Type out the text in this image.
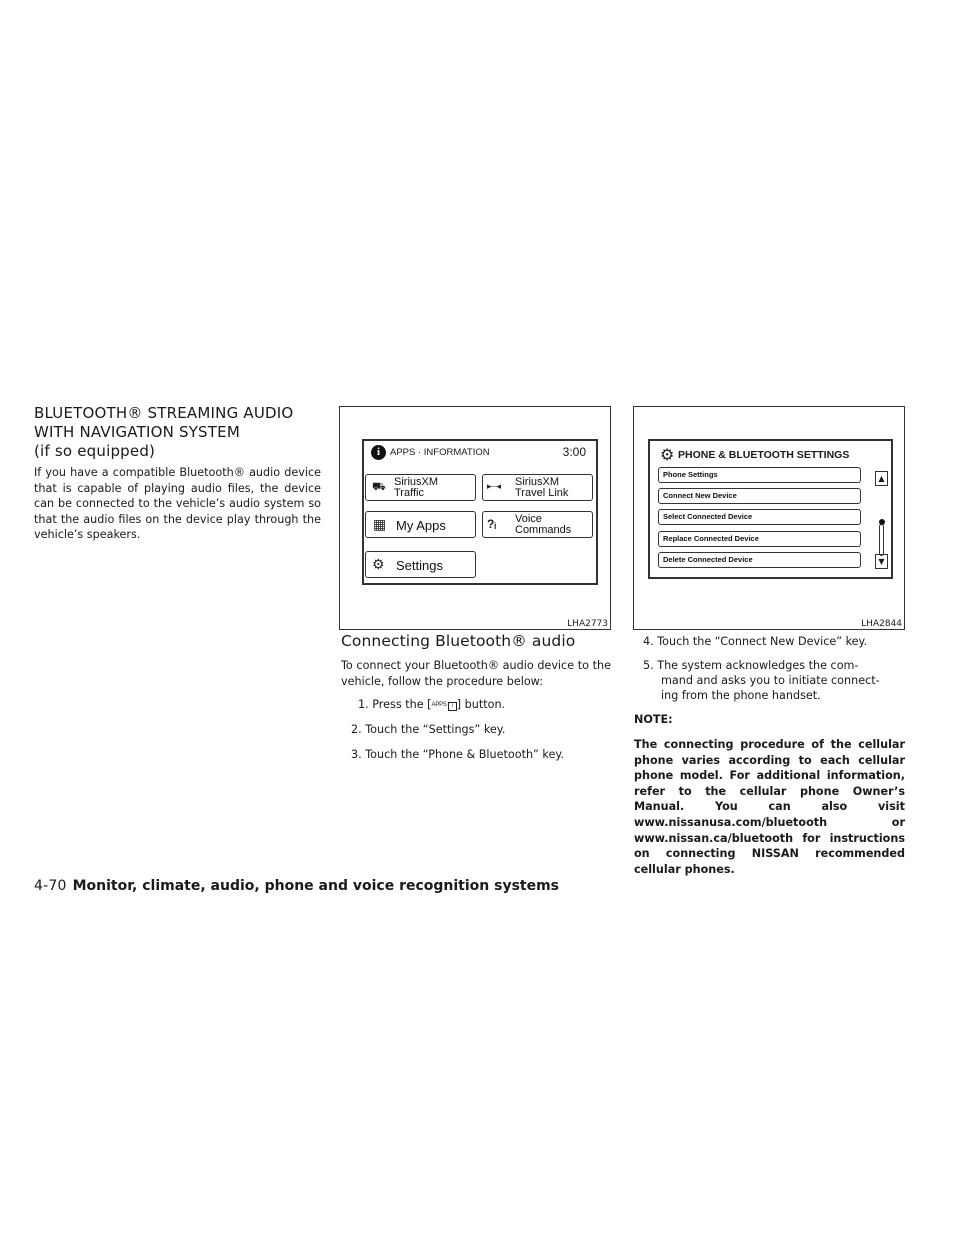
BLUETOOTH® STREAMING AUDIO
WITH NAVIGATION SYSTEM
(if so equipped)
If you have a compatible Bluetooth® audio device that is capable of playing audio files, the device can be connected to the vehicle’s audio system so that the audio files on the device play through the vehicle’s speakers.
i	APPS · INFORMATION	3:00
⛟ SiriusXM
Traffic
▸···◂ SiriusXM
Travel Link
▦ My Apps	?ᵢ Voice
Commands
⚙ Settings
LHA2773
⚙ PHONE & BLUETOOTH SETTINGS
Phone Settings
Connect New Device
Select Connected Device
Replace Connected Device
Delete Connected Device
▲
▼
LHA2844
Connecting Bluetooth® audio
To connect your Bluetooth® audio device to the vehicle, follow the procedure below:
1. Press the [APPS i ] button.
2. Touch the “Settings” key.
3. Touch the “Phone & Bluetooth” key.
4. Touch the “Connect New Device” key.
5. The system acknowledges the com-
mand and asks you to initiate connect-
ing from the phone handset.
NOTE:
The connecting procedure of the cellular phone varies according to each cellular phone model. For additional information, refer to the cellular phone Owner’s Manual. You can also visit www.nissanusa.com/bluetooth or www.nissan.ca/bluetooth for instructions on connecting NISSAN recommended cellular phones.
4-70 Monitor, climate, audio, phone and voice recognition systems
